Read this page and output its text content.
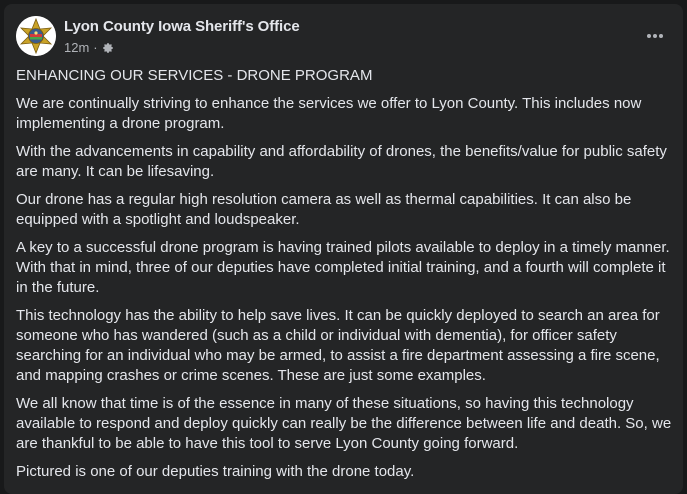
Lyon County Iowa Sheriff's Office
12m ·

ENHANCING OUR SERVICES - DRONE PROGRAM

We are continually striving to enhance the services we offer to Lyon County. This includes now implementing a drone program.

With the advancements in capability and affordability of drones, the benefits/value for public safety are many. It can be lifesaving.

Our drone has a regular high resolution camera as well as thermal capabilities. It can also be equipped with a spotlight and loudspeaker.

A key to a successful drone program is having trained pilots available to deploy in a timely manner. With that in mind, three of our deputies have completed initial training, and a fourth will complete it in the future.

This technology has the ability to help save lives. It can be quickly deployed to search an area for someone who has wandered (such as a child or individual with dementia), for officer safety searching for an individual who may be armed, to assist a fire department assessing a fire scene, and mapping crashes or crime scenes. These are just some examples.

We all know that time is of the essence in many of these situations, so having this technology available to respond and deploy quickly can really be the difference between life and death. So, we are thankful to be able to have this tool to serve Lyon County going forward.

Pictured is one of our deputies training with the drone today.
